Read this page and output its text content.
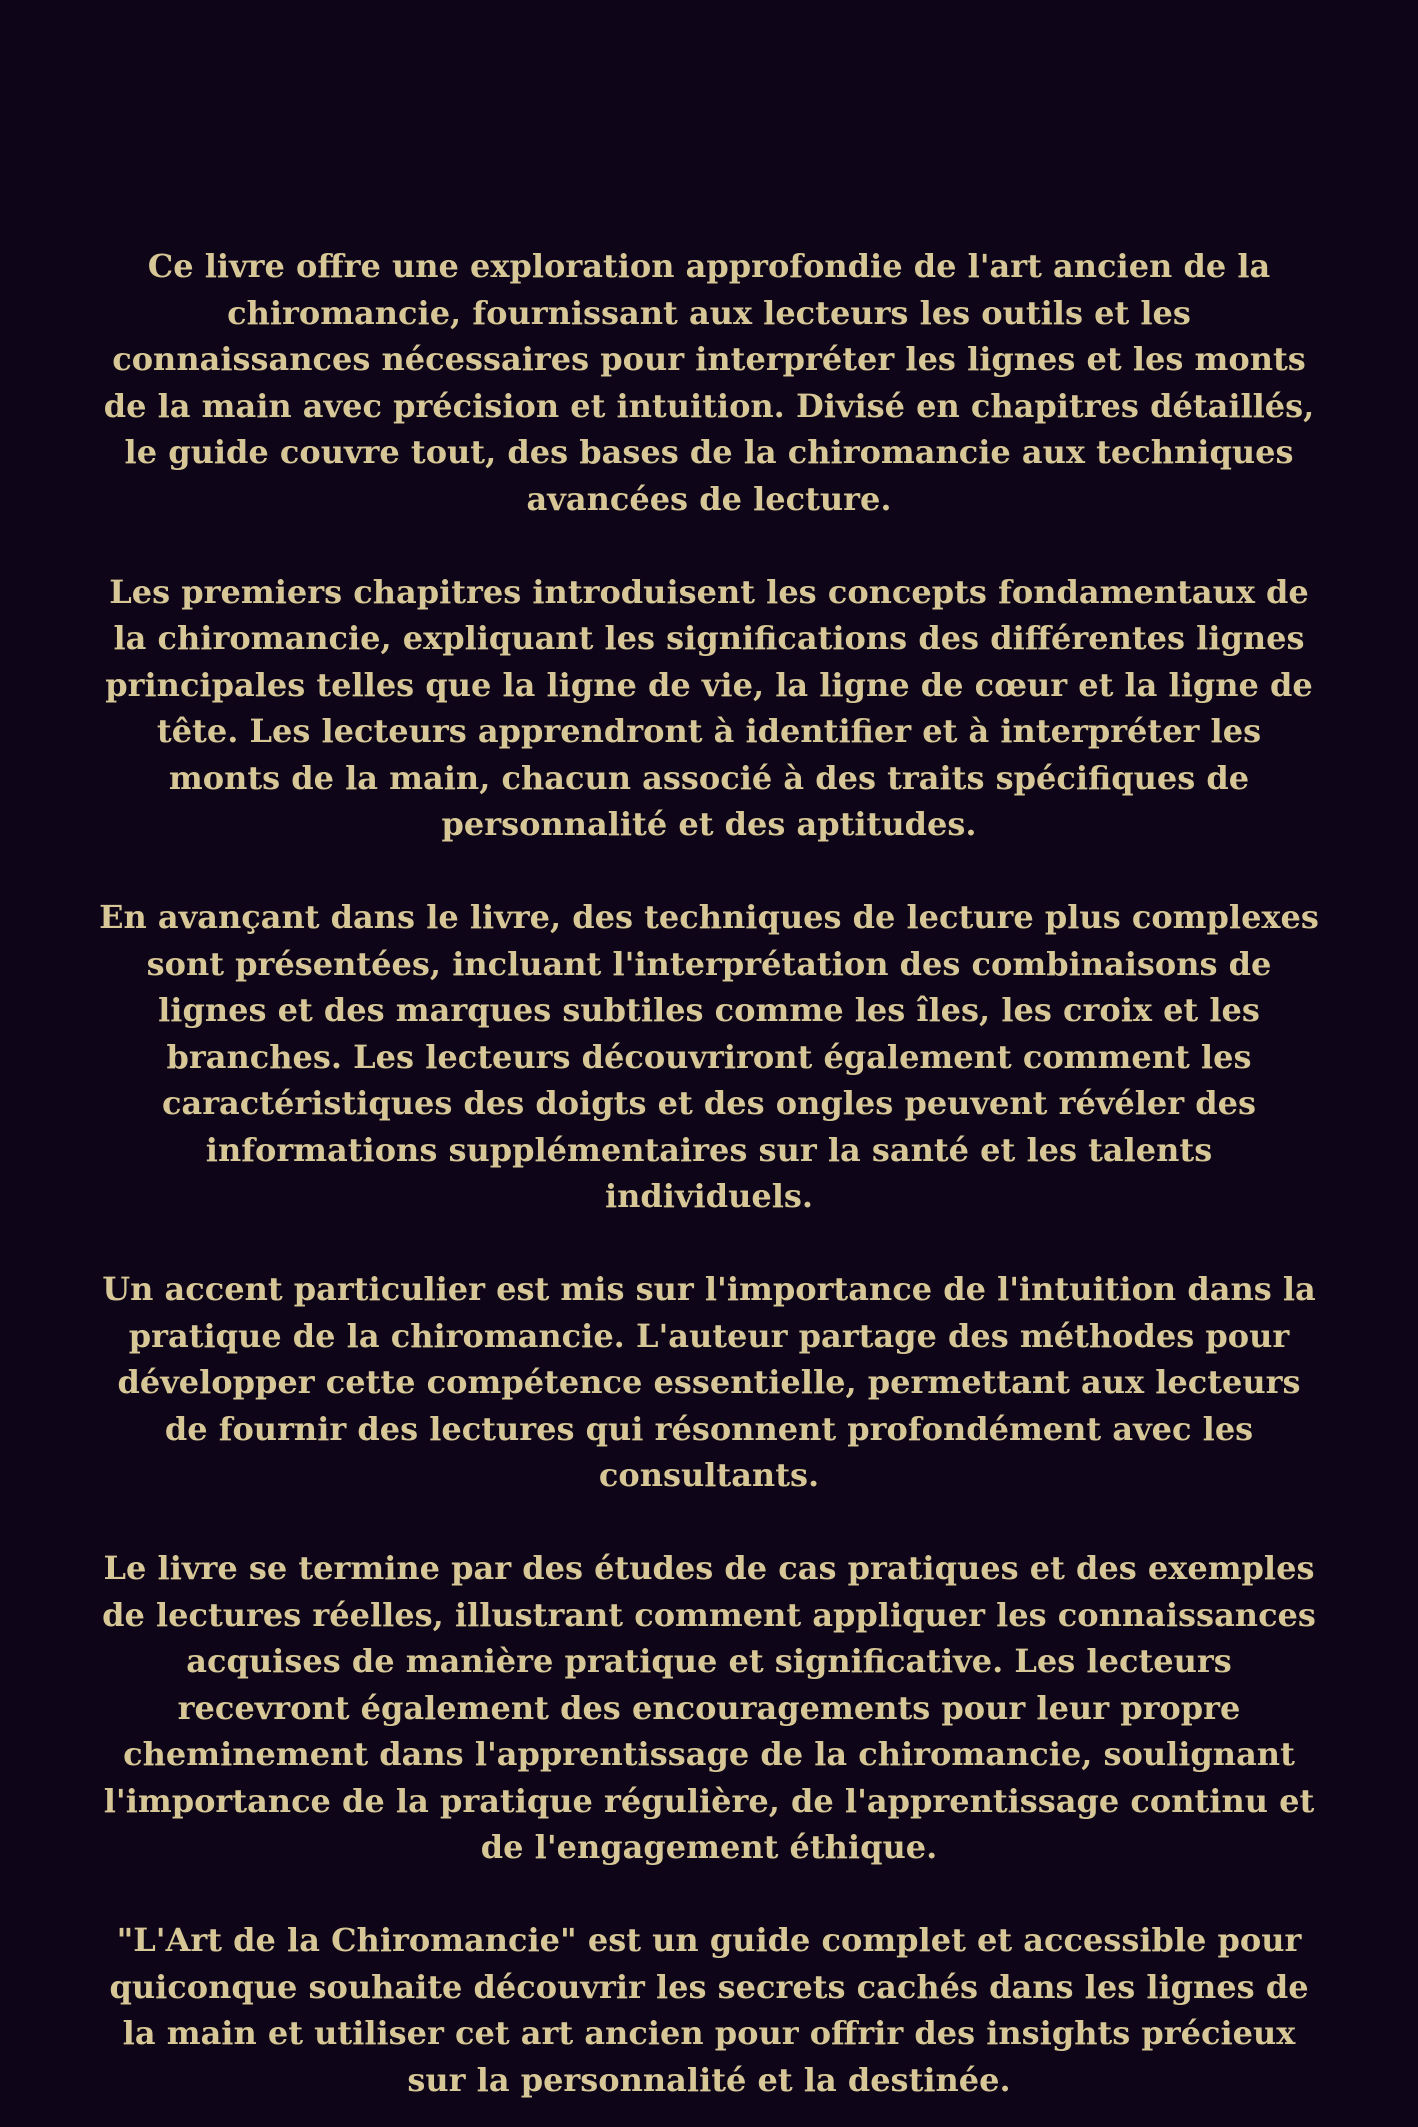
Ce livre offre une exploration approfondie de l'art ancien de la chiromancie, fournissant aux lecteurs les outils et les connaissances nécessaires pour interpréter les lignes et les monts de la main avec précision et intuition. Divisé en chapitres détaillés, le guide couvre tout, des bases de la chiromancie aux techniques avancées de lecture.

Les premiers chapitres introduisent les concepts fondamentaux de la chiromancie, expliquant les significations des différentes lignes principales telles que la ligne de vie, la ligne de cœur et la ligne de tête. Les lecteurs apprendront à identifier et à interpréter les monts de la main, chacun associé à des traits spécifiques de personnalité et des aptitudes.

En avançant dans le livre, des techniques de lecture plus complexes sont présentées, incluant l'interprétation des combinaisons de lignes et des marques subtiles comme les îles, les croix et les branches. Les lecteurs découvriront également comment les caractéristiques des doigts et des ongles peuvent révéler des informations supplémentaires sur la santé et les talents individuels.

Un accent particulier est mis sur l'importance de l'intuition dans la pratique de la chiromancie. L'auteur partage des méthodes pour développer cette compétence essentielle, permettant aux lecteurs de fournir des lectures qui résonnent profondément avec les consultants.

Le livre se termine par des études de cas pratiques et des exemples de lectures réelles, illustrant comment appliquer les connaissances acquises de manière pratique et significative. Les lecteurs recevront également des encouragements pour leur propre cheminement dans l'apprentissage de la chiromancie, soulignant l'importance de la pratique régulière, de l'apprentissage continu et de l'engagement éthique.

"L'Art de la Chiromancie" est un guide complet et accessible pour quiconque souhaite découvrir les secrets cachés dans les lignes de la main et utiliser cet art ancien pour offrir des insights précieux sur la personnalité et la destinée.
